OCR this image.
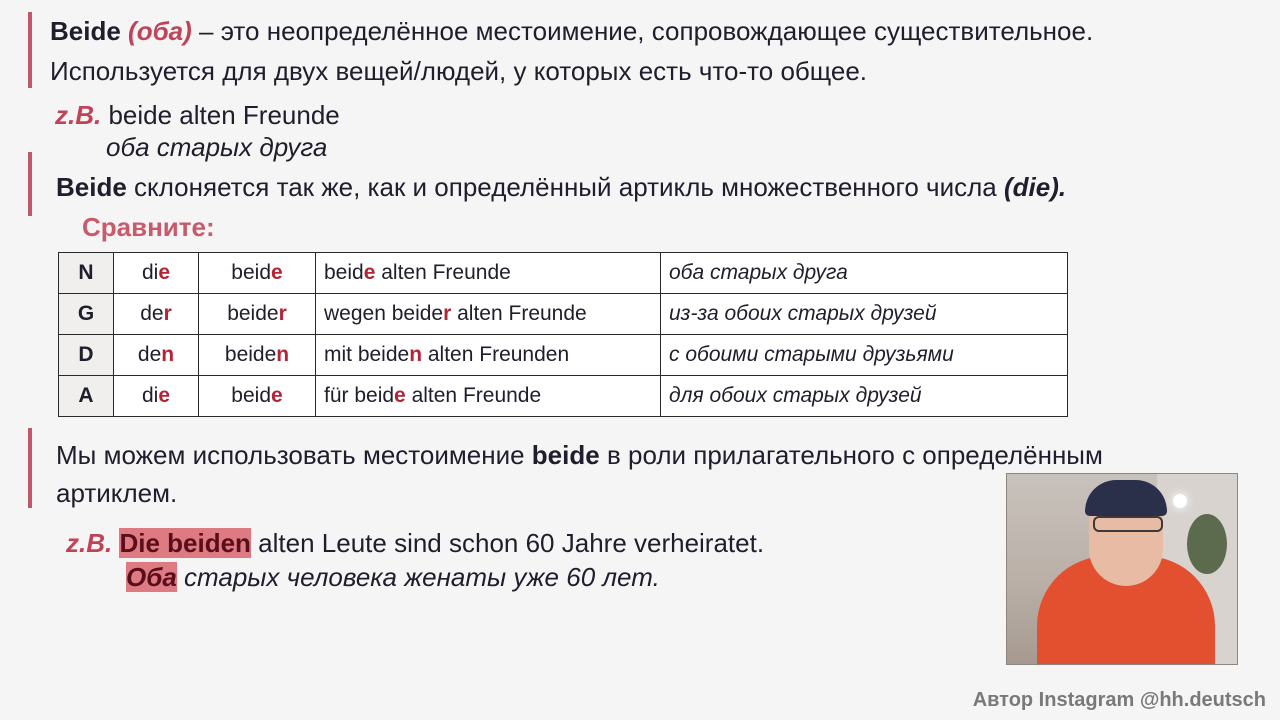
Beide (оба) – это неопределённое местоимение, сопровождающее существительное.
Используется для двух вещей/людей, у которых есть что-то общее.
z.B. beide alten Freunde
оба старых друга
Beide склоняется так же, как и определённый артикль множественного числа (die).
Сравните:
N	die	beide	beide alten Freunde	оба старых друга
G	der	beider	wegen beider alten Freunde	из-за обоих старых друзей
D	den	beiden	mit beiden alten Freunden	с обоими старыми друзьями
A	die	beide	für beide alten Freunde	для обоих старых друзей
Мы можем использовать местоимение beide в роли прилагательного с определённым
артиклем.
z.B. Die beiden alten Leute sind schon 60 Jahre verheiratet.
Оба старых человека женаты уже 60 лет.
Автор Instagram @hh.deutsch
